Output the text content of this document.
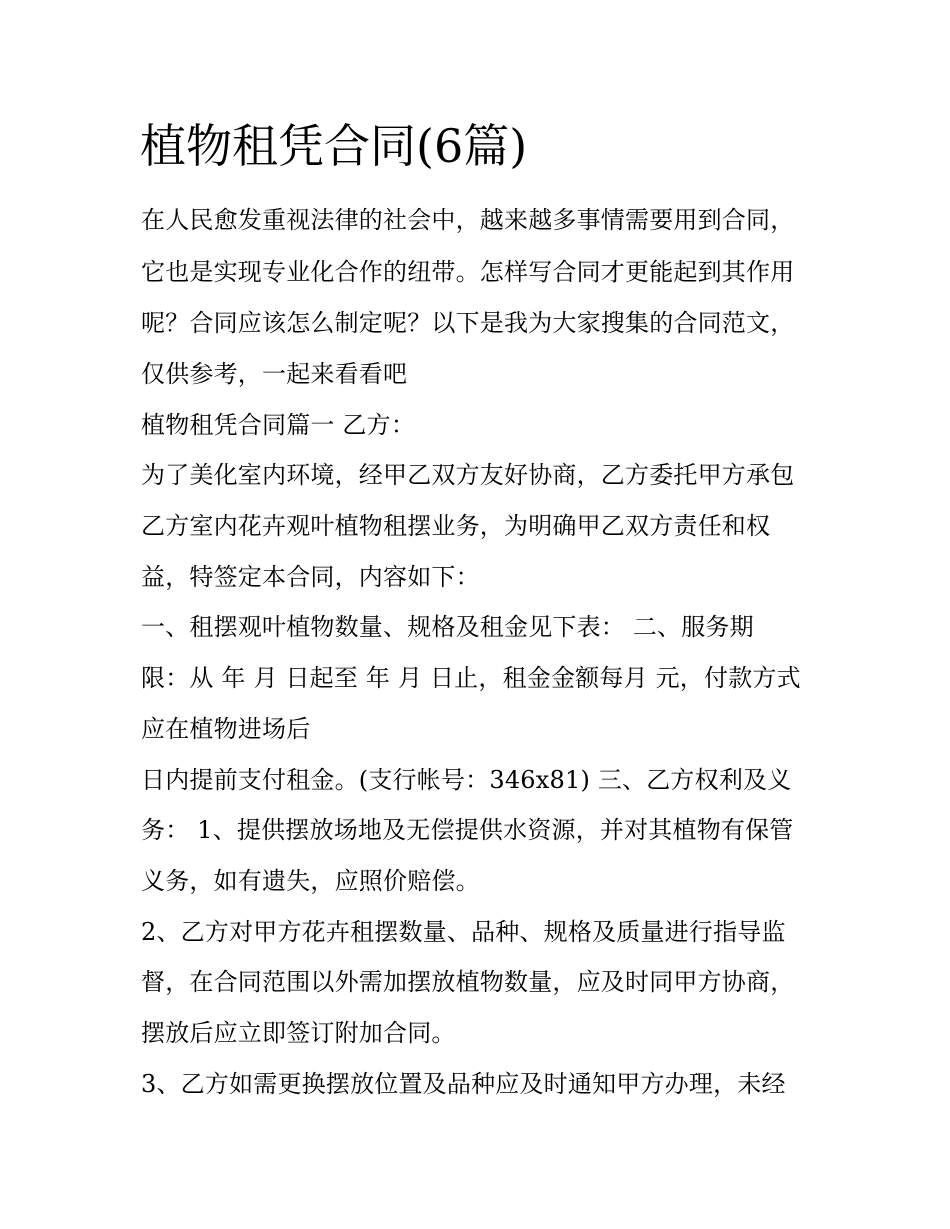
植物租凭合同(6篇)

在人民愈发重视法律的社会中，越来越多事情需要用到合同，

它也是实现专业化合作的纽带。怎样写合同才更能起到其作用

呢？合同应该怎么制定呢？以下是我为大家搜集的合同范文，

仅供参考，一起来看看吧

植物租凭合同篇一 乙方：

为了美化室内环境，经甲乙双方友好协商，乙方委托甲方承包

乙方室内花卉观叶植物租摆业务，为明确甲乙双方责任和权

益，特签定本合同，内容如下：

一、租摆观叶植物数量、规格及租金见下表： 二、服务期

限：从 年 月 日起至 年 月 日止，租金金额每月 元，付款方式

应在植物进场后

日内提前支付租金。(支行帐号：346x81) 三、乙方权利及义

务： 1、提供摆放场地及无偿提供水资源，并对其植物有保管

义务，如有遗失，应照价赔偿。

2、乙方对甲方花卉租摆数量、品种、规格及质量进行指导监

督，在合同范围以外需加摆放植物数量，应及时同甲方协商，

摆放后应立即签订附加合同。

3、乙方如需更换摆放位置及品种应及时通知甲方办理，未经
